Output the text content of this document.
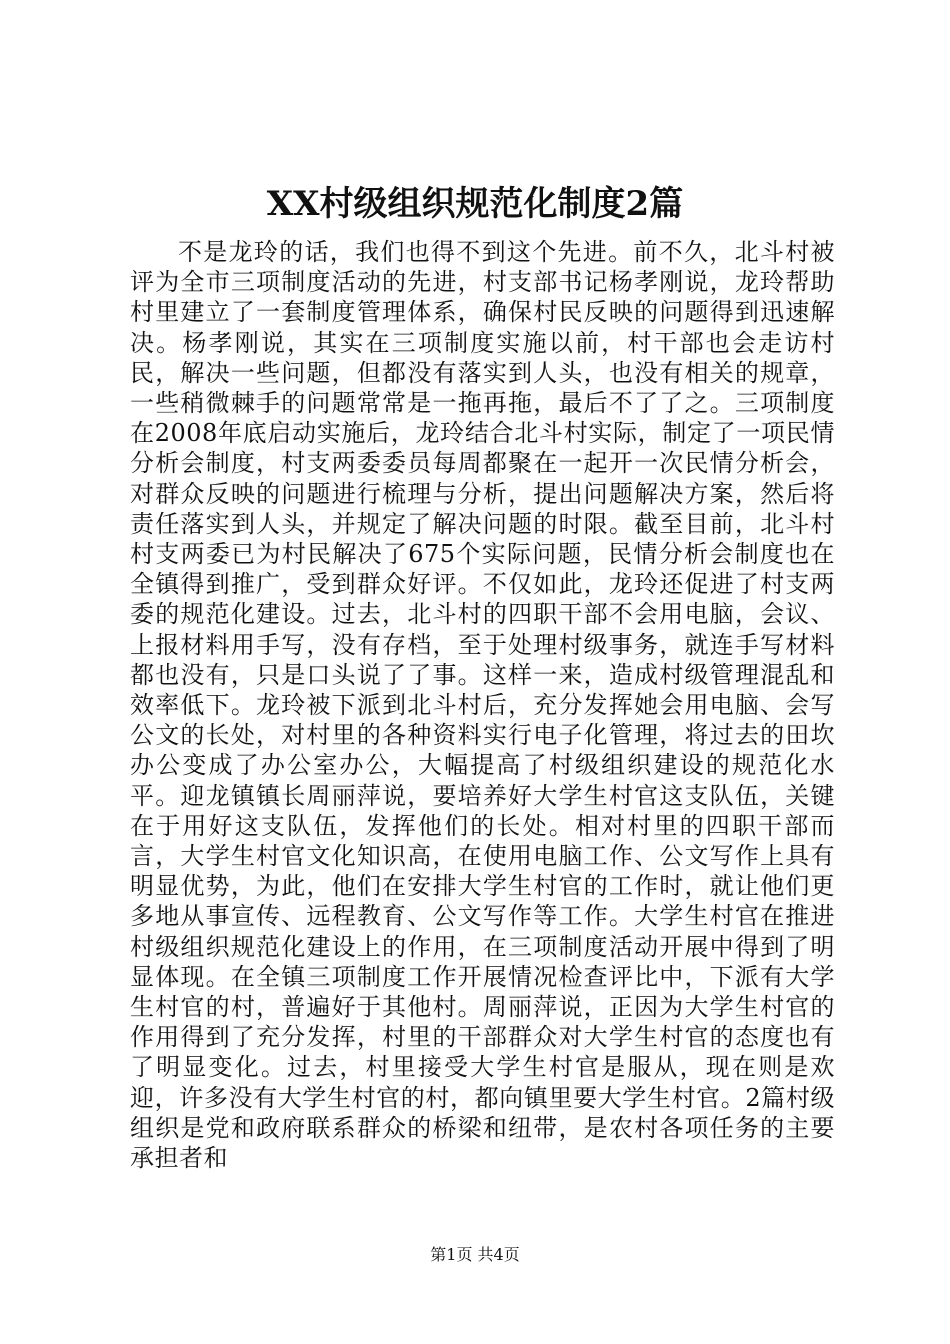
XX村级组织规范化制度2篇

不是龙玲的话，我们也得不到这个先进。前不久，北斗村被评为全市三项制度活动的先进，村支部书记杨孝刚说，龙玲帮助村里建立了一套制度管理体系，确保村民反映的问题得到迅速解决。杨孝刚说，其实在三项制度实施以前，村干部也会走访村民，解决一些问题，但都没有落实到人头，也没有相关的规章，一些稍微棘手的问题常常是一拖再拖，最后不了了之。三项制度在2008年底启动实施后，龙玲结合北斗村实际，制定了一项民情分析会制度，村支两委委员每周都聚在一起开一次民情分析会，对群众反映的问题进行梳理与分析，提出问题解决方案，然后将责任落实到人头，并规定了解决问题的时限。截至目前，北斗村村支两委已为村民解决了675个实际问题，民情分析会制度也在全镇得到推广，受到群众好评。不仅如此，龙玲还促进了村支两委的规范化建设。过去，北斗村的四职干部不会用电脑，会议、上报材料用手写，没有存档，至于处理村级事务，就连手写材料都也没有，只是口头说了了事。这样一来，造成村级管理混乱和效率低下。龙玲被下派到北斗村后，充分发挥她会用电脑、会写公文的长处，对村里的各种资料实行电子化管理，将过去的田坎办公变成了办公室办公，大幅提高了村级组织建设的规范化水平。迎龙镇镇长周丽萍说，要培养好大学生村官这支队伍，关键在于用好这支队伍，发挥他们的长处。相对村里的四职干部而言，大学生村官文化知识高，在使用电脑工作、公文写作上具有明显优势，为此，他们在安排大学生村官的工作时，就让他们更多地从事宣传、远程教育、公文写作等工作。大学生村官在推进村级组织规范化建设上的作用，在三项制度活动开展中得到了明显体现。在全镇三项制度工作开展情况检查评比中，下派有大学生村官的村，普遍好于其他村。周丽萍说，正因为大学生村官的作用得到了充分发挥，村里的干部群众对大学生村官的态度也有了明显变化。过去，村里接受大学生村官是服从，现在则是欢迎，许多没有大学生村官的村，都向镇里要大学生村官。2篇村级组织是党和政府联系群众的桥梁和纽带，是农村各项任务的主要承担者和

第1页 共4页
